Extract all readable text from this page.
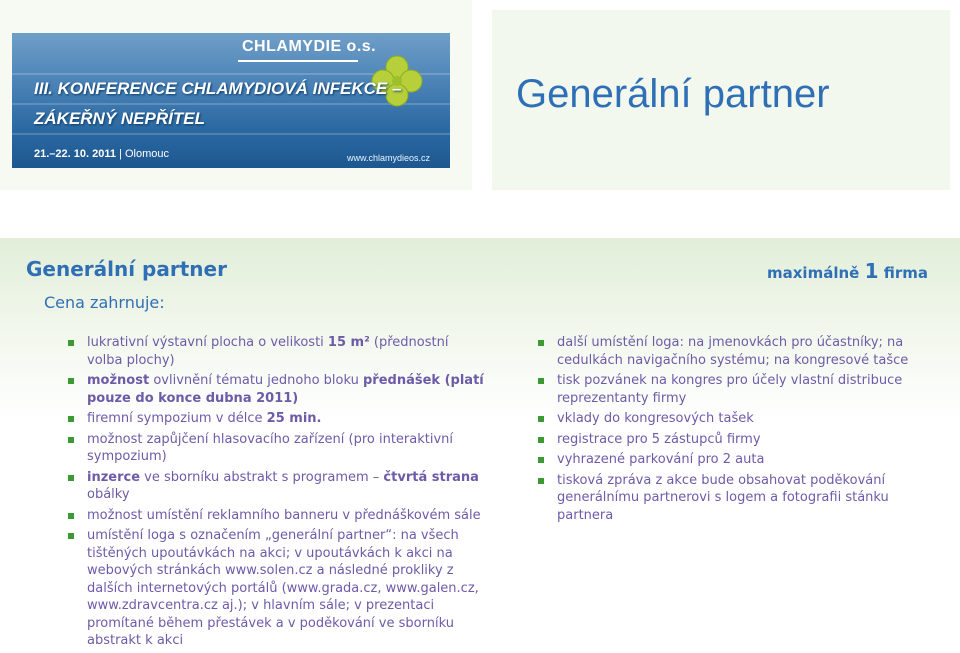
CHLAMYDIE o.s.
III. KONFERENCE CHLAMYDIOVÁ INFEKCE –
ZÁKEŘNÝ NEPŘÍTEL
21.–22. 10. 2011 | Olomouc	www.chlamydieos.cz
Generální partner
Generální partner	maximálně 1 firma
Cena zahrnuje:
lukrativní výstavní plocha o velikosti 15 m² (přednostní volba plochy)
možnost ovlivnění tématu jednoho bloku přednášek (platí pouze do konce dubna 2011)
firemní sympozium v délce 25 min.
možnost zapůjčení hlasovacího zařízení (pro interaktivní sympozium)
inzerce ve sborníku abstrakt s programem – čtvrtá strana obálky
možnost umístění reklamního banneru v přednáškovém sále
umístění loga s označením „generální partner“: na všech tištěných upoutávkách na akci; v upoutávkách k akci na webových stránkách www.solen.cz a následné prokliky z dalších internetových portálů (www.grada.cz, www.galen.cz, www.zdravcentra.cz aj.); v hlavním sále; v prezentaci promítané během přestávek a v poděkování ve sborníku abstrakt k akci
další umístění loga: na jmenovkách pro účastníky; na cedulkách navigačního systému; na kongresové tašce
tisk pozvánek na kongres pro účely vlastní distribuce reprezentanty firmy
vklady do kongresových tašek
registrace pro 5 zástupců firmy
vyhrazené parkování pro 2 auta
tisková zpráva z akce bude obsahovat poděkování generálnímu partnerovi s logem a fotografii stánku partnera
